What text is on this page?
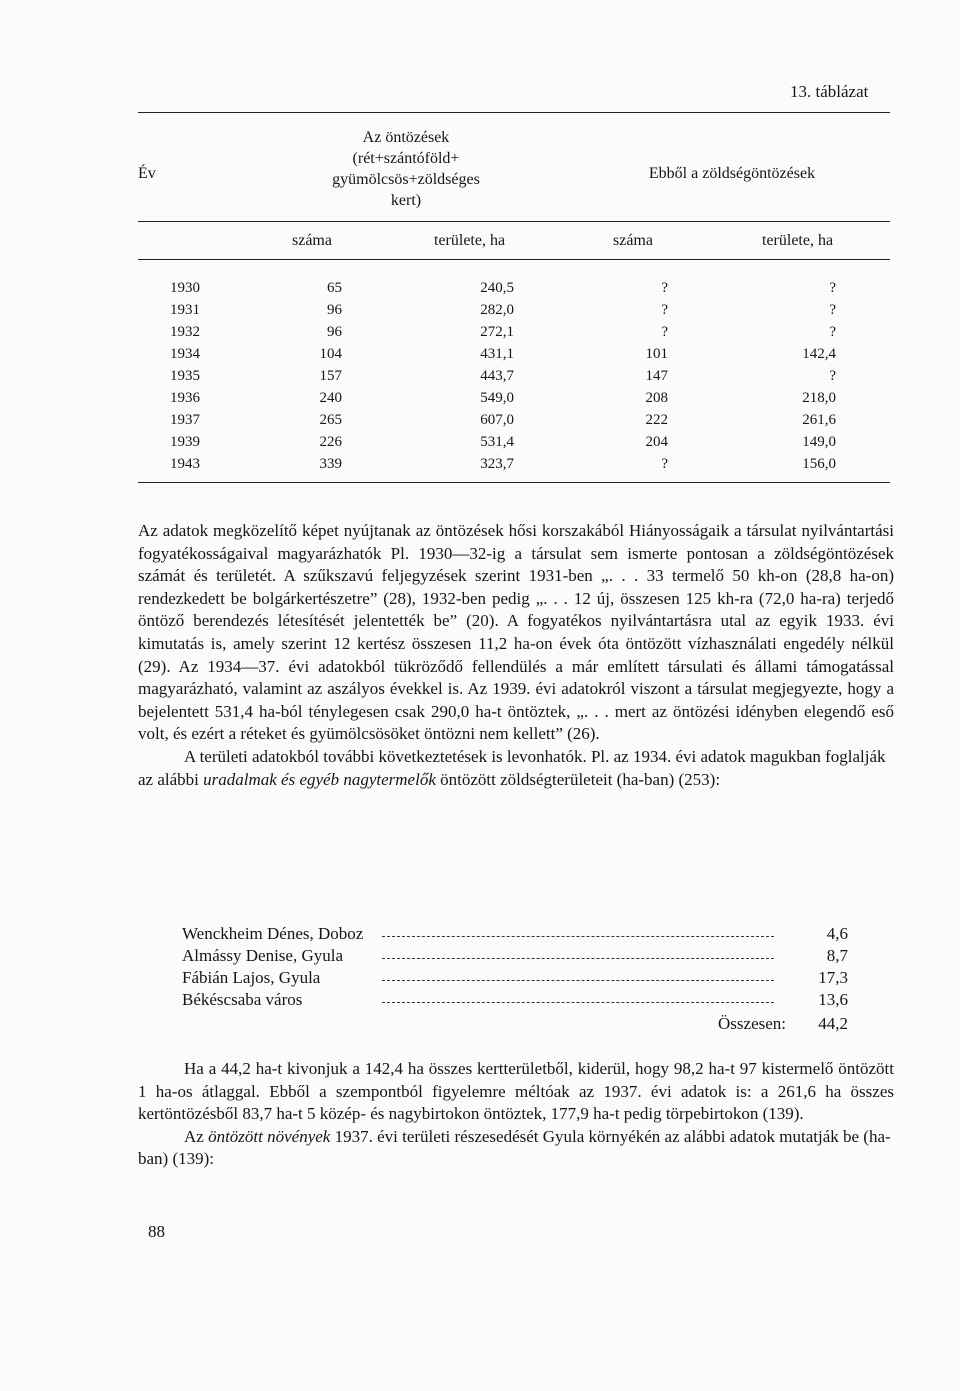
13. táblázat
Év
Az öntözések
(rét+szántóföld+
gyümölcsös+zöldséges
kert)
Ebből a zöldségöntözések
száma	területe, ha	száma	területe, ha
1930	65	240,5	?	?
1931	96	282,0	?	?
1932	96	272,1	?	?
1934	104	431,1	101	142,4
1935	157	443,7	147	?
1936	240	549,0	208	218,0
1937	265	607,0	222	261,6
1939	226	531,4	204	149,0
1943	339	323,7	?	156,0

Az adatok megközelítő képet nyújtanak az öntözések hősi korszakából Hiányosságaik a társulat nyilvántartási fogyatékosságaival magyarázhatók Pl. 1930—32-ig a társulat sem ismerte pontosan a zöldségöntözések számát és területét. A szűkszavú feljegyzések szerint 1931-ben „. . . 33 termelő 50 kh-on (28,8 ha-on) rendezkedett be bolgárkertészetre” (28), 1932-ben pedig „. . . 12 új, összesen 125 kh-ra (72,0 ha-ra) terjedő öntöző berendezés létesítését jelentették be” (20). A fogyatékos nyilvántartásra utal az egyik 1933. évi kimutatás is, amely szerint 12 kertész összesen 11,2 ha-on évek óta öntözött vízhasználati engedély nélkül (29). Az 1934—37. évi adatokból tükröződő fellendülés a már említett társulati és állami támogatással magyarázható, valamint az aszályos évekkel is. Az 1939. évi adatokról viszont a társulat megjegyezte, hogy a bejelentett 531,4 ha-ból ténylegesen csak 290,0 ha-t öntöztek, „. . . mert az öntözési idényben elegendő eső volt, és ezért a réteket és gyümölcsösöket öntözni nem kellett” (26).

A területi adatokból további következtetések is levonhatók. Pl. az 1934. évi adatok magukban foglalják az alábbi uradalmak és egyéb nagytermelők öntözött zöldségterületeit (ha-ban) (253):

Wenckheim Dénes, Doboz	4,6
Almássy Denise, Gyula	8,7
Fábián Lajos, Gyula	17,3
Békéscsaba város	13,6
Összesen:	44,2

Ha a 44,2 ha-t kivonjuk a 142,4 ha összes kertterületből, kiderül, hogy 98,2 ha-t 97 kistermelő öntözött 1 ha-os átlaggal. Ebből a szempontból figyelemre méltóak az 1937. évi adatok is: a 261,6 ha összes kertöntözésből 83,7 ha-t 5 közép- és nagybirtokon öntöztek, 177,9 ha-t pedig törpebirtokon (139).

Az öntözött növények 1937. évi területi részesedését Gyula környékén az alábbi adatok mutatják be (ha-ban) (139):

88
